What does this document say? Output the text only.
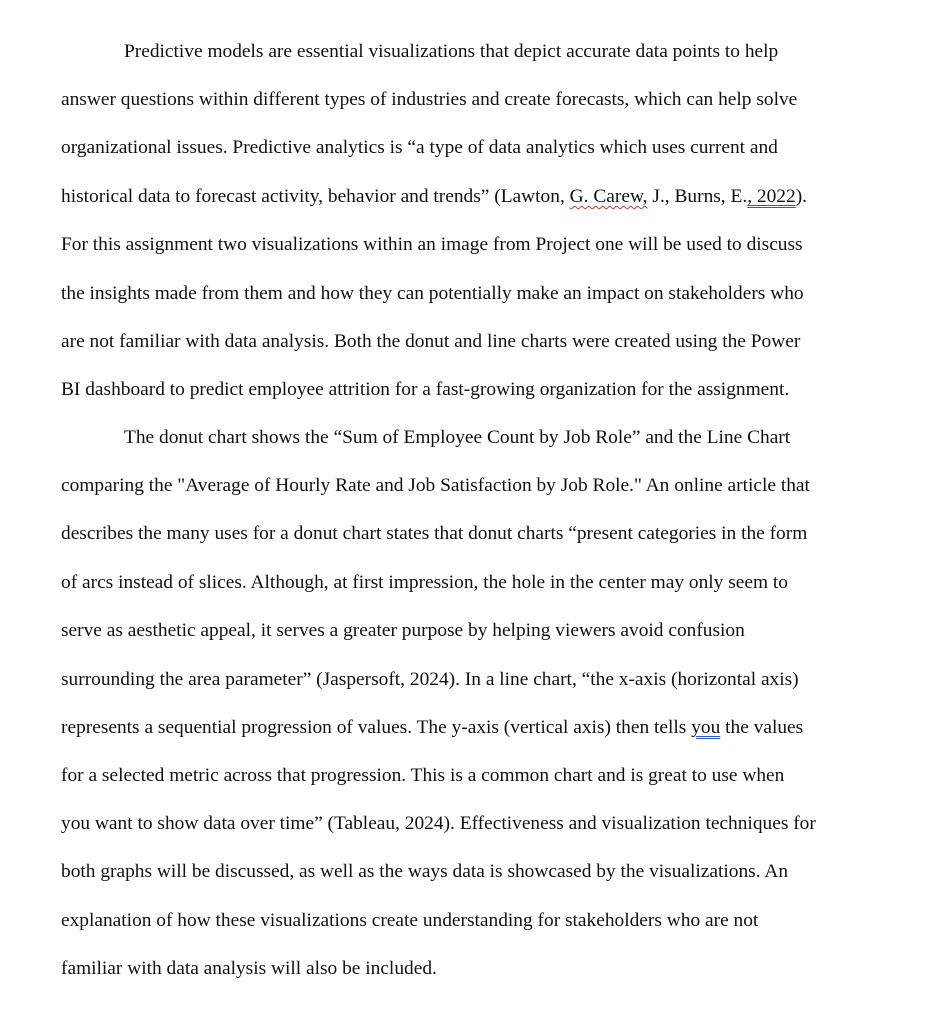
Predictive models are essential visualizations that depict accurate data points to help
answer questions within different types of industries and create forecasts, which can help solve
organizational issues. Predictive analytics is “a type of data analytics which uses current and
historical data to forecast activity, behavior and trends” (Lawton, G. Carew, J., Burns, E., 2022).
For this assignment two visualizations within an image from Project one will be used to discuss
the insights made from them and how they can potentially make an impact on stakeholders who
are not familiar with data analysis. Both the donut and line charts were created using the Power
BI dashboard to predict employee attrition for a fast-growing organization for the assignment.
The donut chart shows the “Sum of Employee Count by Job Role” and the Line Chart
comparing the "Average of Hourly Rate and Job Satisfaction by Job Role." An online article that
describes the many uses for a donut chart states that donut charts “present categories in the form
of arcs instead of slices. Although, at first impression, the hole in the center may only seem to
serve as aesthetic appeal, it serves a greater purpose by helping viewers avoid confusion
surrounding the area parameter” (Jaspersoft, 2024). In a line chart, “the x-axis (horizontal axis)
represents a sequential progression of values. The y-axis (vertical axis) then tells you the values
for a selected metric across that progression. This is a common chart and is great to use when
you want to show data over time” (Tableau, 2024). Effectiveness and visualization techniques for
both graphs will be discussed, as well as the ways data is showcased by the visualizations. An
explanation of how these visualizations create understanding for stakeholders who are not
familiar with data analysis will also be included.
